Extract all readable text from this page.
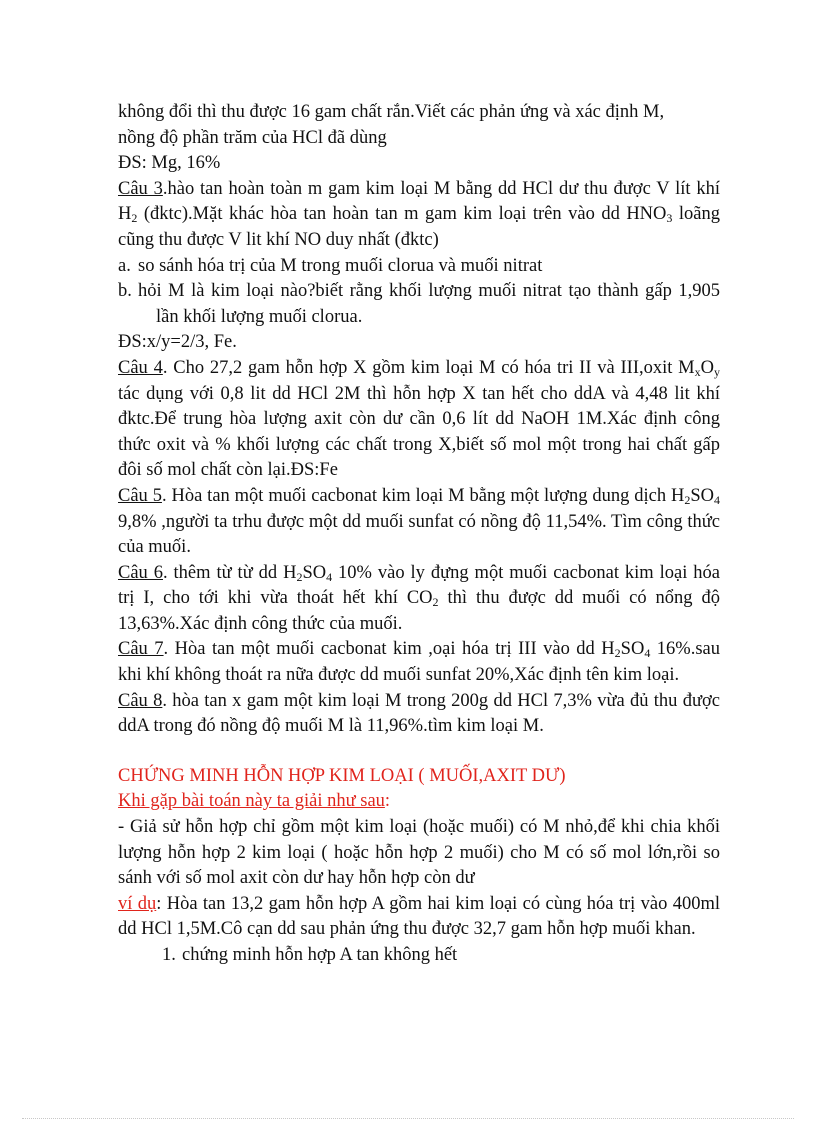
không đổi thì thu được 16 gam chất rắn.Viết các phản ứng và xác định M,
nồng độ phần trăm của HCl đã dùng

ĐS: Mg, 16%

Câu 3.hào tan hoàn toàn m gam kim loại M bằng dd HCl dư thu được V lít khí $H_2$ (đktc).Mặt khác hòa tan hoàn tan m gam kim loại trên vào dd $HNO_3$ loãng cũng thu được V lit khí NO duy nhất (đktc)

a. so sánh hóa trị của M trong muối clorua và muối nitrat

b. hỏi M là kim loại nào?biết rằng khối lượng muối nitrat tạo thành gấp 1,905 lần khối lượng muối clorua.

ĐS:x/y=2/3, Fe.

Câu 4. Cho 27,2 gam hỗn hợp X gồm kim loại M có hóa tri II và III,oxit $M_xO_y$ tác dụng với 0,8 lit dd HCl 2M thì hỗn hợp X tan hết cho ddA và 4,48 lit khí đktc.Để trung hòa lượng axit còn dư cần 0,6 lít dd NaOH 1M.Xác định công thức oxit và % khối lượng các chất trong X,biết số mol một trong hai chất gấp đôi số mol chất còn lại.ĐS:Fe

Câu 5. Hòa tan một muối cacbonat kim loại M bằng một lượng dung dịch $H_2SO_4$ 9,8% ,người ta trhu được một dd muối sunfat có nồng độ 11,54%. Tìm công thức của muối.

Câu 6. thêm từ từ dd $H_2SO_4$ 10% vào ly đựng một muối cacbonat kim loại hóa trị I, cho tới khi vừa thoát hết khí $CO_2$ thì thu được dd muối có nổng độ 13,63%.Xác định công thức của muối.

Câu 7. Hòa tan một muối cacbonat kim ,oại hóa trị III vào dd $H_2SO_4$ 16%.sau khi khí không thoát ra nữa được dd muối sunfat 20%,Xác định tên kim loại.

Câu 8. hòa tan x gam một kim loại M trong 200g dd HCl 7,3% vừa đủ thu được ddA trong đó nồng độ muối M là 11,96%.tìm kim loại M.

CHỨNG MINH HỖN HỢP KIM LOẠI ( MUỐI,AXIT DƯ)

Khi gặp bài toán này ta giải như sau:

- Giả sử hỗn hợp chỉ gồm một kim loại (hoặc muối) có M nhỏ,để khi chia khối lượng hỗn hợp 2 kim loại ( hoặc hỗn hợp 2 muối) cho M có số mol lớn,rồi so sánh với số mol axit còn dư hay hỗn hợp còn dư

ví dụ: Hòa tan 13,2 gam hỗn hợp A gồm hai kim loại có cùng hóa trị vào 400ml dd HCl 1,5M.Cô cạn dd sau phản ứng thu được 32,7 gam hỗn hợp muối khan.

1. chứng minh hỗn hợp A tan không hết
